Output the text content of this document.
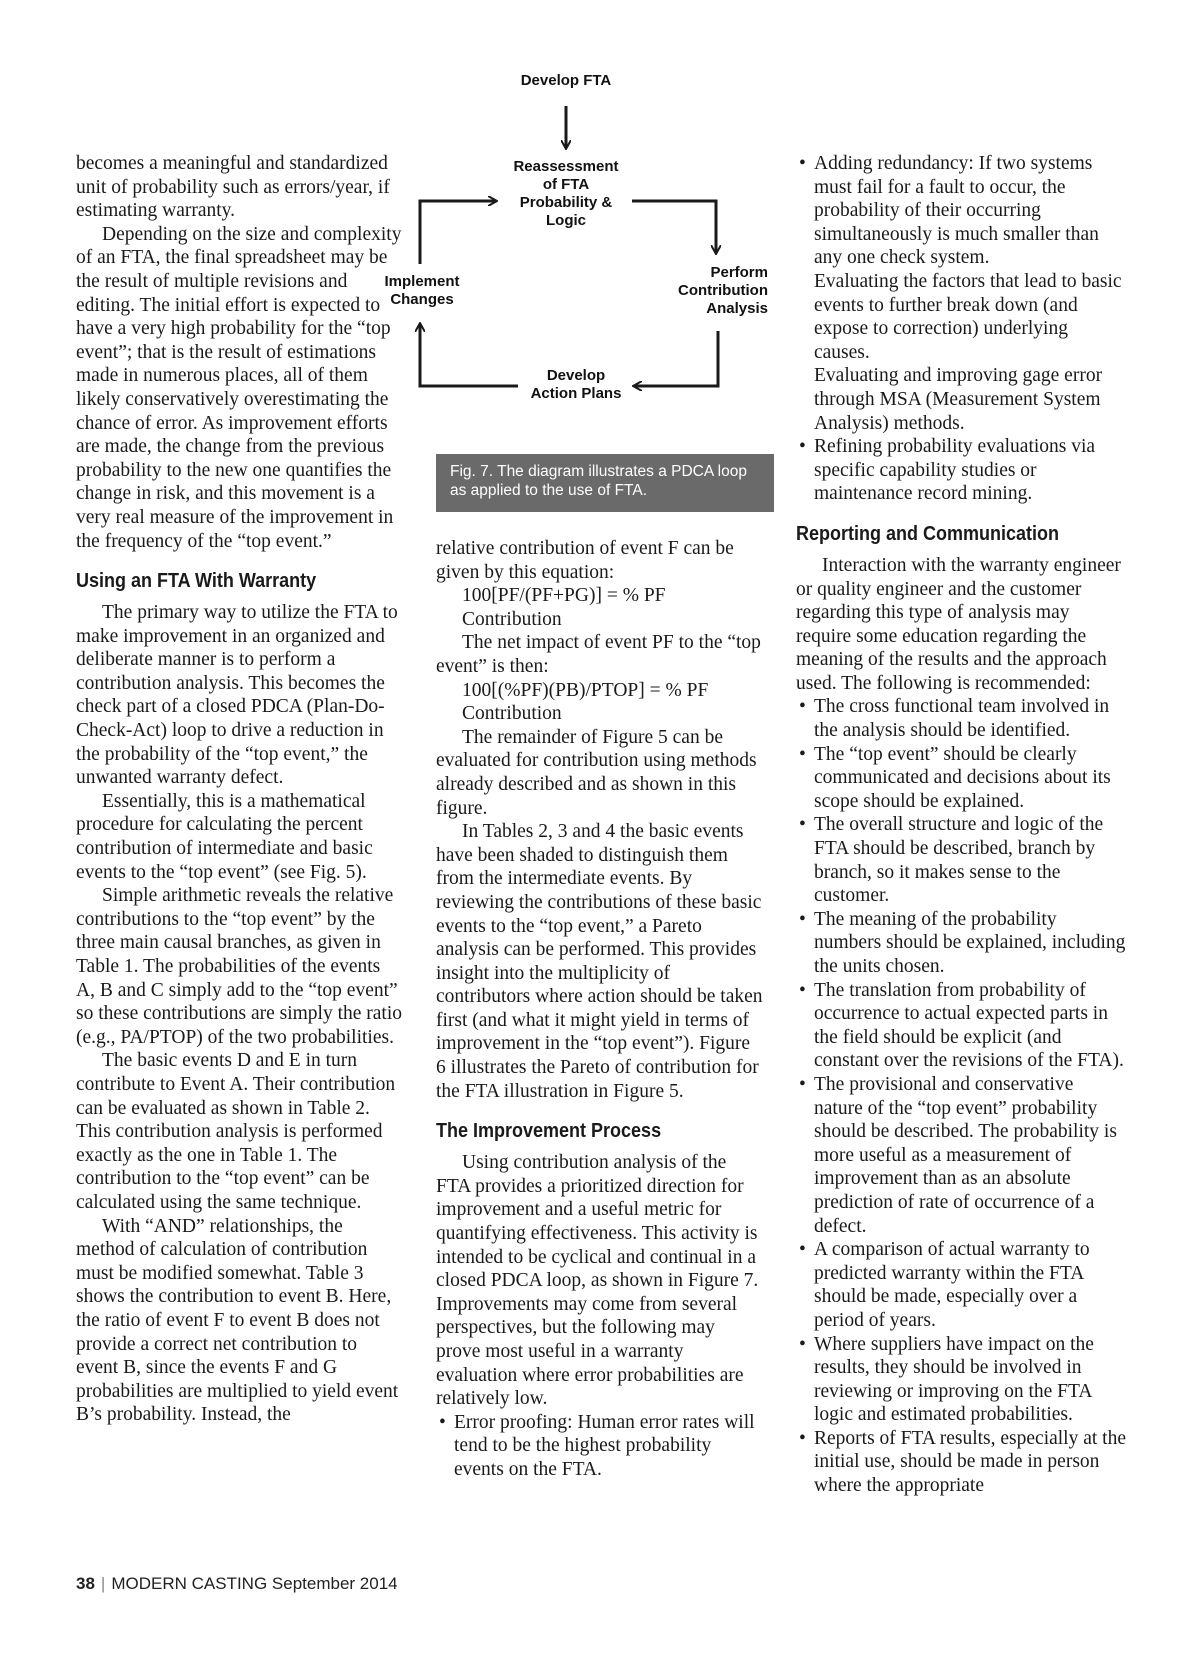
Develop FTA
Reassessment
of FTA
Probability &
Logic
Perform
Contribution
Analysis
Develop
Action Plans
Implement
Changes
Fig. 7. The diagram illustrates a PDCA loop
as applied to the use of FTA.

becomes a meaningful and standardized unit of probability such as errors/year, if estimating warranty.

Depending on the size and complexity of an FTA, the final spreadsheet may be the result of multiple revisions and editing. The initial effort is expected to have a very high probability for the “top event”; that is the result of estimations made in numerous places, all of them likely conservatively overestimating the chance of error. As improvement efforts are made, the change from the previous probability to the new one quantifies the change in risk, and this movement is a very real measure of the improvement in the frequency of the “top event.”

Using an FTA With Warranty

The primary way to utilize the FTA to make improvement in an organized and deliberate manner is to perform a contribution analysis. This becomes the check part of a closed PDCA (Plan-Do-Check-Act) loop to drive a reduction in the probability of the “top event,” the unwanted warranty defect.

Essentially, this is a mathematical procedure for calculating the percent contribution of intermediate and basic events to the “top event” (see Fig. 5).

Simple arithmetic reveals the relative contributions to the “top event” by the three main causal branches, as given in Table 1. The probabilities of the events A, B and C simply add to the “top event” so these contributions are simply the ratio (e.g., PA/PTOP) of the two probabilities.

The basic events D and E in turn contribute to Event A. Their contribution can be evaluated as shown in Table 2. This contribution analysis is performed exactly as the one in Table 1. The contribution to the “top event” can be calculated using the same technique.

With “AND” relationships, the method of calculation of contribution must be modified somewhat. Table 3 shows the contribution to event B. Here, the ratio of event F to event B does not provide a correct net contribution to event B, since the events F and G probabilities are multiplied to yield event B’s probability. Instead, the

relative contribution of event F can be given by this equation:

100[PF/(PF+PG)] = % PF Contribution

The net impact of event PF to the “top event” is then:

100[(%PF)(PB)/PTOP] = % PF Contribution

The remainder of Figure 5 can be evaluated for contribution using methods already described and as shown in this figure.

In Tables 2, 3 and 4 the basic events have been shaded to distinguish them from the intermediate events. By reviewing the contributions of these basic events to the “top event,” a Pareto analysis can be performed. This provides insight into the multiplicity of contributors where action should be taken first (and what it might yield in terms of improvement in the “top event”). Figure 6 illustrates the Pareto of contribution for the FTA illustration in Figure 5.

The Improvement Process

Using contribution analysis of the FTA provides a prioritized direction for improvement and a useful metric for quantifying effectiveness. This activity is intended to be cyclical and continual in a closed PDCA loop, as shown in Figure 7. Improvements may come from several perspectives, but the following may prove most useful in a warranty evaluation where error probabilities are relatively low.

• Error proofing: Human error rates will tend to be the highest probability events on the FTA.
• Adding redundancy: If two systems must fail for a fault to occur, the probability of their occurring simultaneously is much smaller than any one check system.
Evaluating the factors that lead to basic events to further break down (and expose to correction) underlying causes.
Evaluating and improving gage error through MSA (Measurement System Analysis) methods.
• Refining probability evaluations via specific capability studies or maintenance record mining.
Reporting and Communication

Interaction with the warranty engineer or quality engineer and the customer regarding this type of analysis may require some education regarding the meaning of the results and the approach used. The following is recommended:

• The cross functional team involved in the analysis should be identified.
• The “top event” should be clearly communicated and decisions about its scope should be explained.
• The overall structure and logic of the FTA should be described, branch by branch, so it makes sense to the customer.
• The meaning of the probability numbers should be explained, including the units chosen.
• The translation from probability of occurrence to actual expected parts in the field should be explicit (and constant over the revisions of the FTA).
• The provisional and conservative nature of the “top event” probability should be described. The probability is more useful as a measurement of improvement than as an absolute prediction of rate of occurrence of a defect.
• A comparison of actual warranty to predicted warranty within the FTA should be made, especially over a period of years.
• Where suppliers have impact on the results, they should be involved in reviewing or improving on the FTA logic and estimated probabilities.
• Reports of FTA results, especially at the initial use, should be made in person where the appropriate
38 | MODERN CASTING September 2014
